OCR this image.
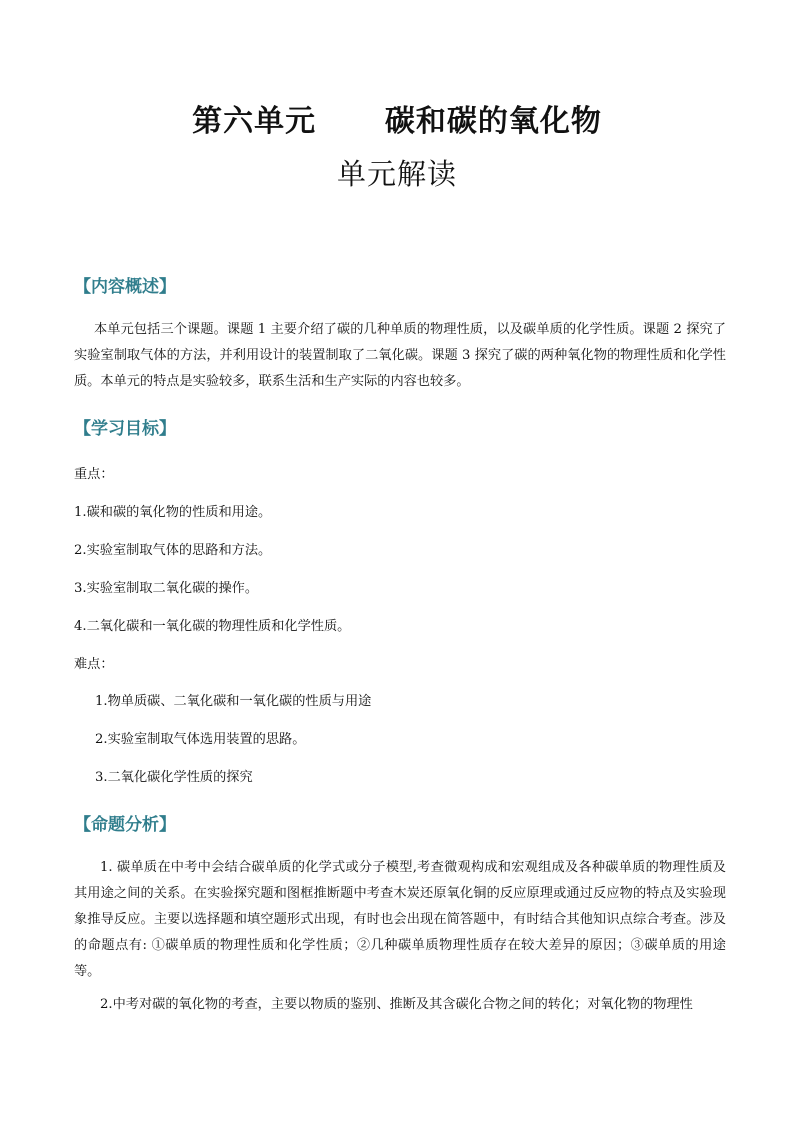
第六单元      碳和碳的氧化物
单元解读
【内容概述】
本单元包括三个课题。课题 1 主要介绍了碳的几种单质的物理性质，以及碳单质的化学性质。课题 2 探究了实验室制取气体的方法，并利用设计的装置制取了二氧化碳。课题 3 探究了碳的两种氧化物的物理性质和化学性质。本单元的特点是实验较多，联系生活和生产实际的内容也较多。
【学习目标】
重点：
1.碳和碳的氧化物的性质和用途。
2.实验室制取气体的思路和方法。
3.实验室制取二氧化碳的操作。
4.二氧化碳和一氧化碳的物理性质和化学性质。
难点：
1.物单质碳、二氧化碳和一氧化碳的性质与用途
2.实验室制取气体选用装置的思路。
3.二氧化碳化学性质的探究
【命题分析】
1. 碳单质在中考中会结合碳单质的化学式或分子模型,考查微观构成和宏观组成及各种碳单质的物理性质及其用途之间的关系。在实验探究题和图框推断题中考查木炭还原氧化铜的反应原理或通过反应物的特点及实验现象推导反应。主要以选择题和填空题形式出现，有时也会出现在简答题中，有时结合其他知识点综合考查。涉及的命题点有: ①碳单质的物理性质和化学性质；②几种碳单质物理性质存在较大差异的原因；③碳单质的用途等。
2.中考对碳的氧化物的考查，主要以物质的鉴别、推断及其含碳化合物之间的转化；对氧化物的物理性
